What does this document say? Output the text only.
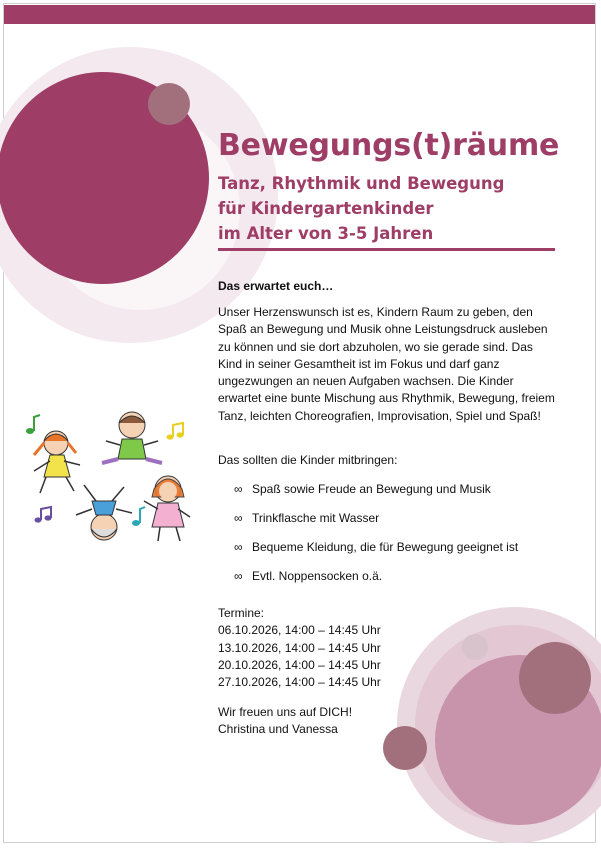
Bewegungs(t)räume
Tanz, Rhythmik und Bewegung
für Kindergartenkinder
im Alter von 3-5 Jahren

Das erwartet euch…

Unser Herzenswunsch ist es, Kindern Raum zu geben, den Spaß an Bewegung und Musik ohne Leistungsdruck ausleben zu können und sie dort abzuholen, wo sie gerade sind. Das Kind in seiner Gesamtheit ist im Fokus und darf ganz ungezwungen an neuen Aufgaben wachsen. Die Kinder erwartet eine bunte Mischung aus Rhythmik, Bewegung, freiem Tanz, leichten Choreografien, Improvisation, Spiel und Spaß!

Das sollten die Kinder mitbringen:

∞ Spaß sowie Freude an Bewegung und Musik
∞ Trinkflasche mit Wasser
∞ Bequeme Kleidung, die für Bewegung geeignet ist
∞ Evtl. Noppensocken o.ä.
Termine:
06.10.2026, 14:00 – 14:45 Uhr
13.10.2026, 14:00 – 14:45 Uhr
20.10.2026, 14:00 – 14:45 Uhr
27.10.2026, 14:00 – 14:45 Uhr
Wir freuen uns auf DICH!
Christina und Vanessa
